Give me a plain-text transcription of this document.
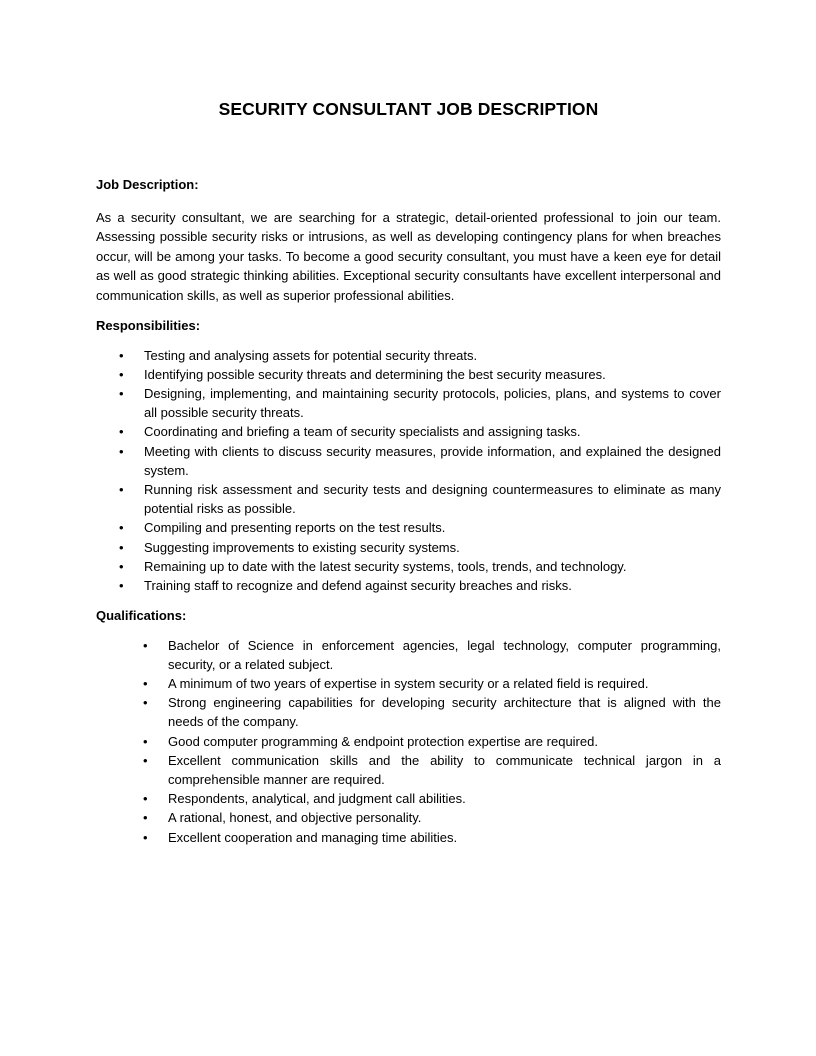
SECURITY CONSULTANT JOB DESCRIPTION
Job Description:

As a security consultant, we are searching for a strategic, detail-oriented professional to join our team. Assessing possible security risks or intrusions, as well as developing contingency plans for when breaches occur, will be among your tasks. To become a good security consultant, you must have a keen eye for detail as well as good strategic thinking abilities. Exceptional security consultants have excellent interpersonal and communication skills, as well as superior professional abilities.

Responsibilities:
• Testing and analysing assets for potential security threats.
• Identifying possible security threats and determining the best security measures.
• Designing, implementing, and maintaining security protocols, policies, plans, and systems to cover all possible security threats.
• Coordinating and briefing a team of security specialists and assigning tasks.
• Meeting with clients to discuss security measures, provide information, and explained the designed system.
• Running risk assessment and security tests and designing countermeasures to eliminate as many potential risks as possible.
• Compiling and presenting reports on the test results.
• Suggesting improvements to existing security systems.
• Remaining up to date with the latest security systems, tools, trends, and technology.
• Training staff to recognize and defend against security breaches and risks.
Qualifications:
• Bachelor of Science in enforcement agencies, legal technology, computer programming, security, or a related subject.
• A minimum of two years of expertise in system security or a related field is required.
• Strong engineering capabilities for developing security architecture that is aligned with the needs of the company.
• Good computer programming & endpoint protection expertise are required.
• Excellent communication skills and the ability to communicate technical jargon in a comprehensible manner are required.
• Respondents, analytical, and judgment call abilities.
• A rational, honest, and objective personality.
• Excellent cooperation and managing time abilities.
